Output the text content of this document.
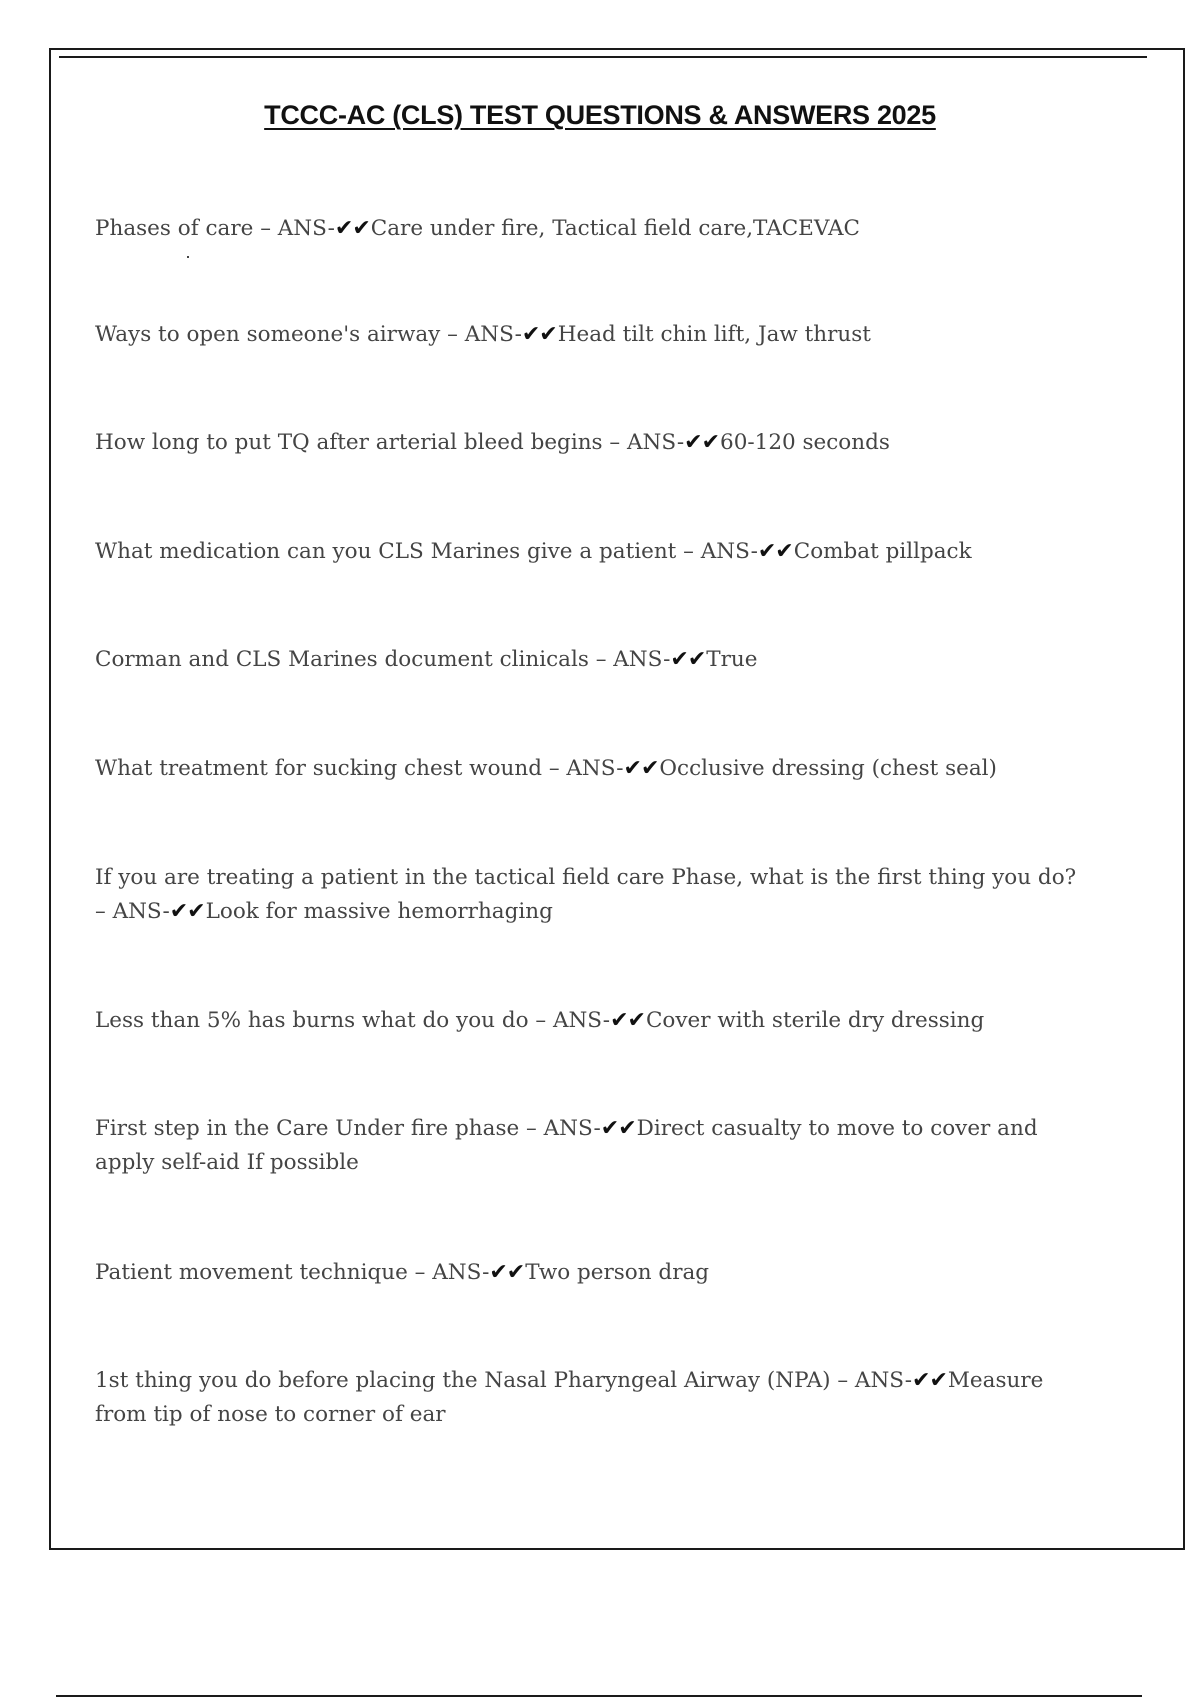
TCCC-AC (CLS) TEST QUESTIONS & ANSWERS 2025
Phases of care – ANS-✔✔Care under fire, Tactical field care,TACEVAC
Ways to open someone's airway – ANS-✔✔Head tilt chin lift, Jaw thrust
How long to put TQ after arterial bleed begins – ANS-✔✔60-120 seconds
What medication can you CLS Marines give a patient – ANS-✔✔Combat pillpack
Corman and CLS Marines document clinicals – ANS-✔✔True
What treatment for sucking chest wound – ANS-✔✔Occlusive dressing (chest seal)
If you are treating a patient in the tactical field care Phase, what is the first thing you do? – ANS-✔✔Look for massive hemorrhaging
Less than 5% has burns what do you do – ANS-✔✔Cover with sterile dry dressing
First step in the Care Under fire phase – ANS-✔✔Direct casualty to move to cover and apply self-aid If possible
Patient movement technique – ANS-✔✔Two person drag
1st thing you do before placing the Nasal Pharyngeal Airway (NPA) – ANS-✔✔Measure from tip of nose to corner of ear
